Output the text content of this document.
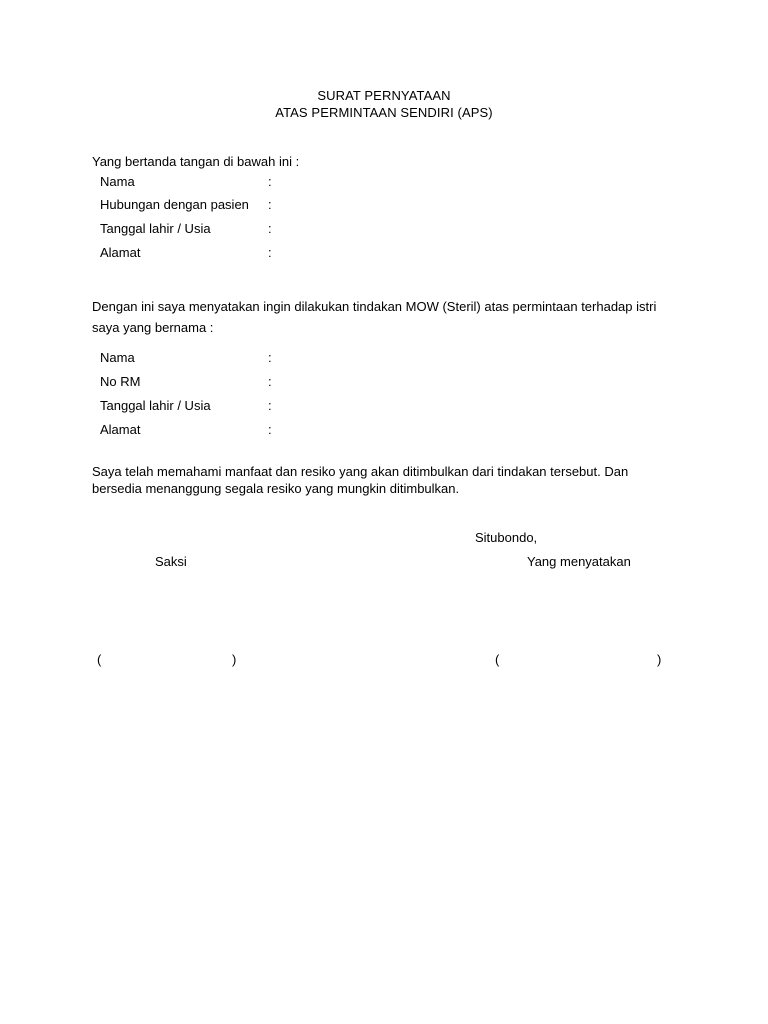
SURAT PERNYATAAN
ATAS PERMINTAAN SENDIRI (APS)
Yang bertanda tangan di bawah ini :
Nama	:
Hubungan dengan pasien :
Tanggal lahir / Usia	:
Alamat	:
Dengan ini saya menyatakan ingin dilakukan tindakan MOW (Steril) atas permintaan terhadap istri
saya yang bernama :
Nama	:
No RM	:
Tanggal lahir / Usia	:
Alamat	:
Saya telah memahami manfaat dan resiko yang akan ditimbulkan dari tindakan tersebut. Dan
bersedia menanggung segala resiko yang mungkin ditimbulkan.
Situbondo,
Saksi	Yang menyatakan
(	)	(	)
